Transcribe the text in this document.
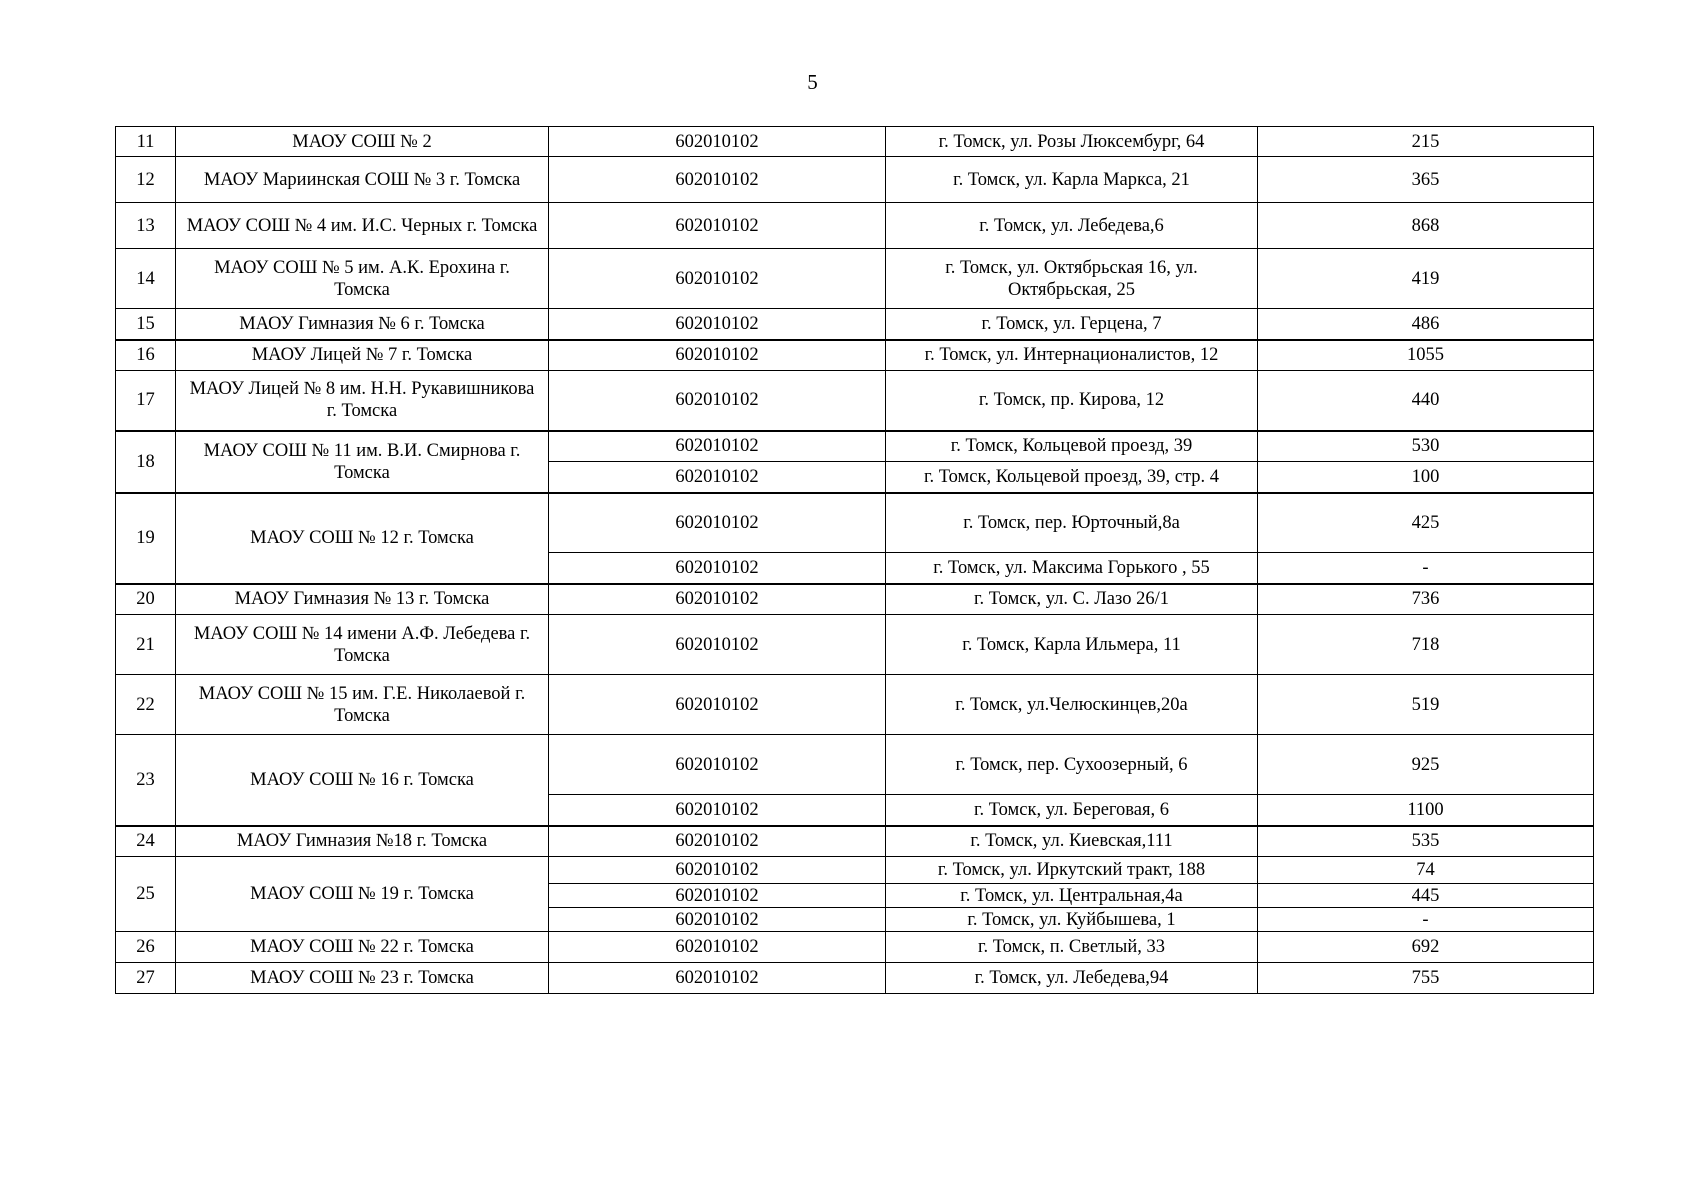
5
11	МАОУ СОШ № 2	602010102	г. Томск, ул. Розы Люксембург, 64	215
12	МАОУ Мариинская СОШ № 3 г. Томска	602010102	г. Томск, ул. Карла Маркса, 21	365
13	МАОУ СОШ № 4 им. И.С. Черных г. Томска	602010102	г. Томск, ул. Лебедева,6	868
14	МАОУ СОШ № 5 им. А.К. Ерохина г. Томска	602010102	г. Томск, ул. Октябрьская 16, ул. Октябрьская, 25	419
15	МАОУ Гимназия № 6 г. Томска	602010102	г. Томск, ул. Герцена, 7	486
16	МАОУ Лицей № 7 г. Томска	602010102	г. Томск, ул. Интернационалистов, 12	1055
17	МАОУ Лицей № 8 им. Н.Н. Рукавишникова г. Томска	602010102	г. Томск, пр. Кирова, 12	440
18	МАОУ СОШ № 11 им. В.И. Смирнова г. Томска	602010102	г. Томск, Кольцевой проезд, 39	530
		602010102	г. Томск, Кольцевой проезд, 39, стр. 4	100
19	МАОУ СОШ № 12 г. Томска	602010102	г. Томск, пер. Юрточный,8а	425
		602010102	г. Томск, ул. Максима Горького , 55	-
20	МАОУ Гимназия № 13 г. Томска	602010102	г. Томск, ул. С. Лазо 26/1	736
21	МАОУ СОШ № 14 имени А.Ф. Лебедева г. Томска	602010102	г. Томск, Карла Ильмера, 11	718
22	МАОУ СОШ № 15 им. Г.Е. Николаевой г. Томска	602010102	г. Томск, ул.Челюскинцев,20а	519
23	МАОУ СОШ № 16 г. Томска	602010102	г. Томск, пер. Сухоозерный, 6	925
		602010102	г. Томск, ул. Береговая, 6	1100
24	МАОУ Гимназия №18 г. Томска	602010102	г. Томск, ул. Киевская,111	535
25	МАОУ СОШ № 19 г. Томска	602010102	г. Томск, ул. Иркутский тракт, 188	74
		602010102	г. Томск, ул. Центральная,4а	445
		602010102	г. Томск, ул. Куйбышева, 1	-
26	МАОУ СОШ № 22 г. Томска	602010102	г. Томск, п. Светлый, 33	692
27	МАОУ СОШ № 23 г. Томска	602010102	г. Томск, ул. Лебедева,94	755
